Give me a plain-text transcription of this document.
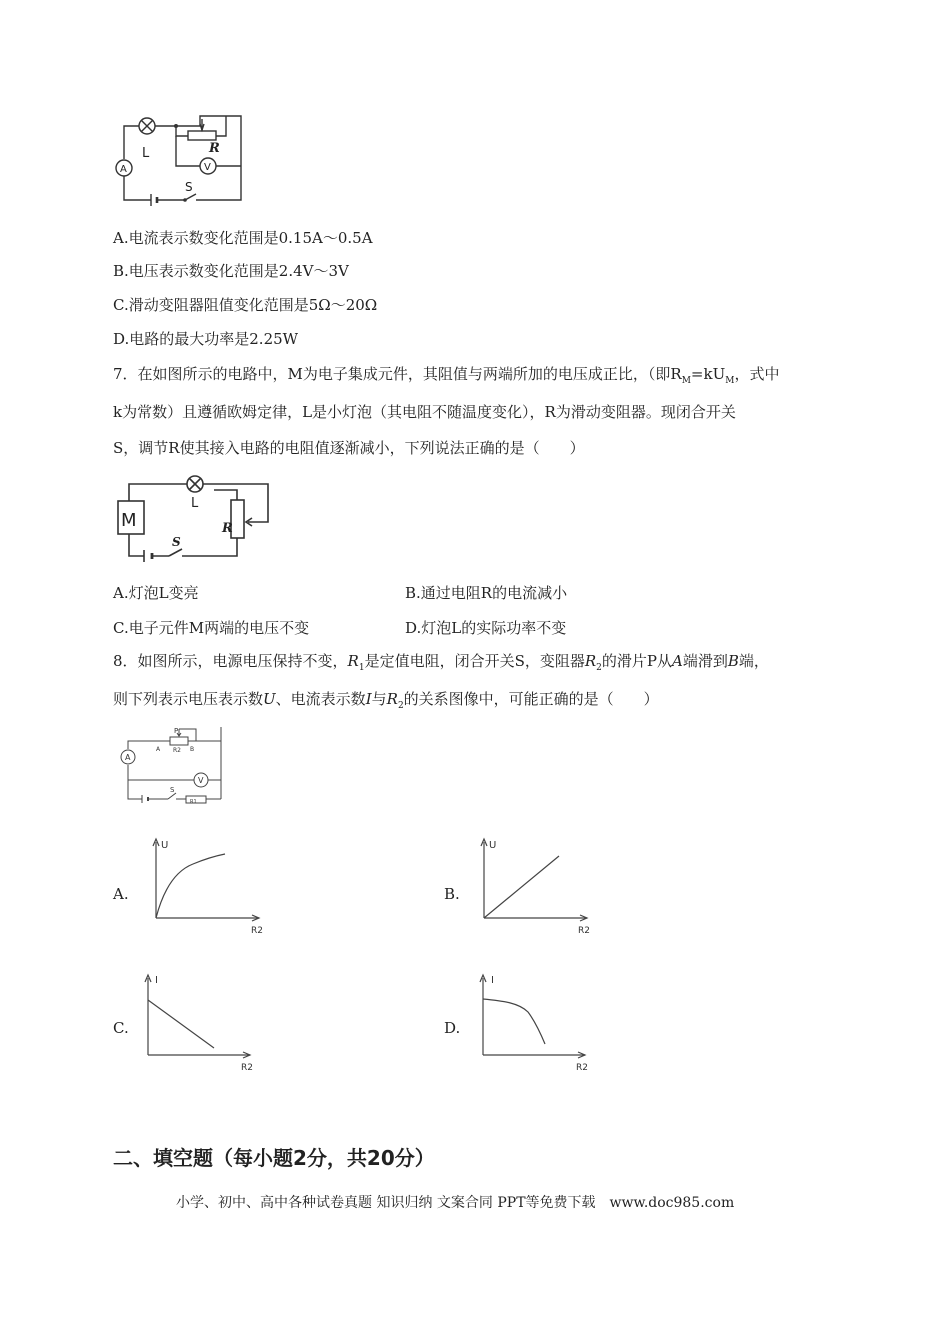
L	R
A	V
S
A.电流表示数变化范围是0.15A～0.5A
B.电压表示数变化范围是2.4V～3V
C.滑动变阻器阻值变化范围是5Ω～20Ω
D.电路的最大功率是2.25W
7．在如图所示的电路中，M为电子集成元件，其阻值与两端所加的电压成正比，（即$R_M=kU_M$，式中
k为常数）且遵循欧姆定律，L是小灯泡（其电阻不随温度变化），R为滑动变阻器。现闭合开关
S，调节R使其接入电路的电阻值逐渐减小，下列说法正确的是（　　）
M
L
R
S
A.灯泡L变亮	B.通过电阻R的电流减小
C.电子元件M两端的电压不变	D.灯泡L的实际功率不变
8．如图所示，电源电压保持不变，$R_1$是定值电阻，闭合开关S，变阻器$R_2$的滑片P从A端滑到B端，
则下列表示电压表示数U、电流表示数I与$R_2$的关系图像中，可能正确的是（　　）
A
V
P
A	B
R2
S
R1
A.	B.
C.	D.
U
R2
U
R2
I
R2
I
R2
二、填空题（每小题2分，共20分）
小学、初中、高中各种试卷真题 知识归纳 文案合同 PPT等免费下载　www.doc985.com
